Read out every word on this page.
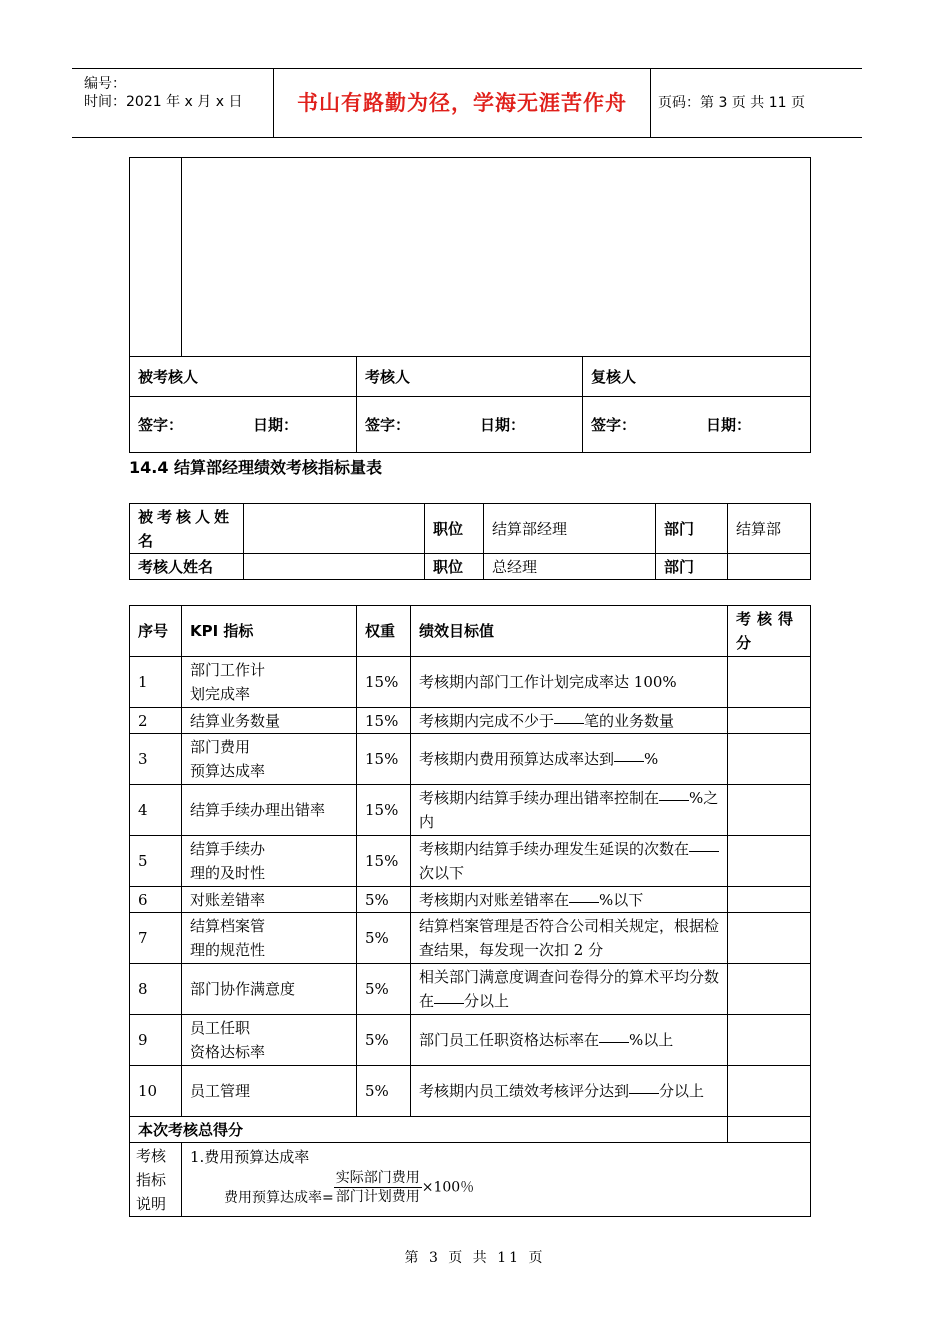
编号：
时间：2021 年 x 月 x 日	书山有路勤为径，学海无涯苦作舟	页码：第 3 页 共 11 页

被考核人		考核人	复核人
签字： 日期：		签字： 日期：	签字： 日期：
14.4 结算部经理绩效考核指标量表
被考核人姓名		职位	结算部经理	部门	结算部
考核人姓名		职位	总经理	部门	
序号	KPI 指标	权重	绩效目标值	考核得分
1	部门工作计
划完成率	15%	考核期内部门工作计划完成率达 100%	
2	结算业务数量	15%	考核期内完成不少于 笔的业务数量	
3	部门费用
预算达成率	15%	考核期内费用预算达成率达到 %	
4	结算手续办理出错率	15%	考核期内结算手续办理出错率控制在 %之内	
5	结算手续办
理的及时性	15%	考核期内结算手续办理发生延误的次数在次以下	
6	对账差错率	5%	考核期内对账差错率在 %以下	
7	结算档案管
理的规范性	5%	结算档案管理是否符合公司相关规定，根据检查结果，每发现一次扣 2 分	
8	部门协作满意度	5%	相关部门满意度调查问卷得分的算术平均分数在 分以上	
9	员工任职
资格达标率	5%	部门员工任职资格达标率在 %以上	
10	员工管理	5%	考核期内员工绩效考核评分达到 分以上	
本次考核总得分				

考核指标说明	1.费用预算达成率
费用预算达成率= $\frac{\text{实际部门费用}}{\text{部门计划费用}} \times 100$％			
第 3 页 共 11 页
